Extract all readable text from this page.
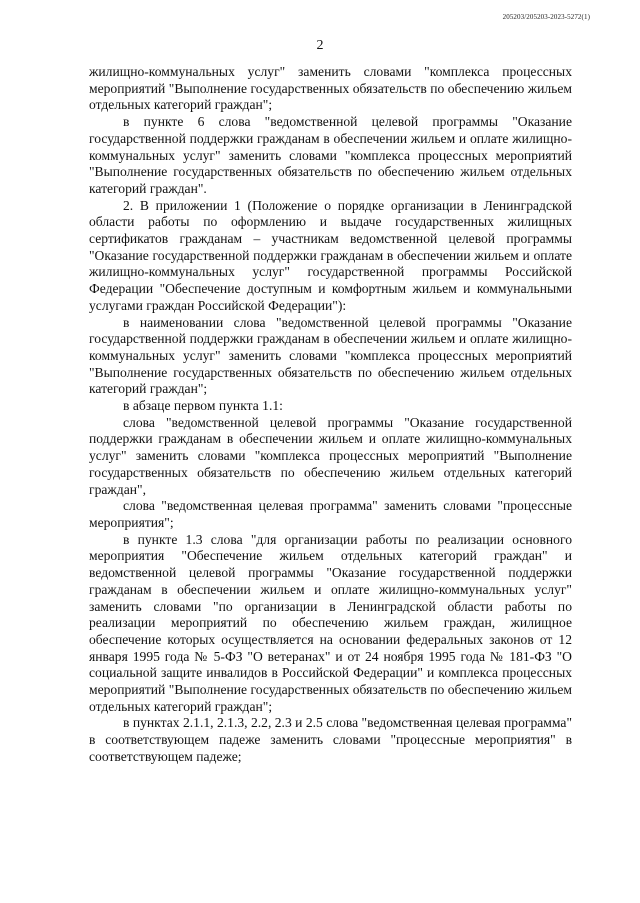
205203/205203-2023-5272(1)
2

жилищно-коммунальных услуг" заменить словами "комплекса процессных мероприятий "Выполнение государственных обязательств по обеспечению жильем отдельных категорий граждан";

в пункте 6 слова "ведомственной целевой программы "Оказание государственной поддержки гражданам в обеспечении жильем и оплате жилищно-коммунальных услуг" заменить словами "комплекса процессных мероприятий "Выполнение государственных обязательств по обеспечению жильем отдельных категорий граждан".

2. В приложении 1 (Положение о порядке организации в Ленинградской области работы по оформлению и выдаче государственных жилищных сертификатов гражданам – участникам ведомственной целевой программы "Оказание государственной поддержки гражданам в обеспечении жильем и оплате жилищно-коммунальных услуг" государственной программы Российской Федерации "Обеспечение доступным и комфортным жильем и коммунальными услугами граждан Российской Федерации"):

в наименовании слова "ведомственной целевой программы "Оказание государственной поддержки гражданам в обеспечении жильем и оплате жилищно-коммунальных услуг" заменить словами "комплекса процессных мероприятий "Выполнение государственных обязательств по обеспечению жильем отдельных категорий граждан";

в абзаце первом пункта 1.1:

слова "ведомственной целевой программы "Оказание государственной поддержки гражданам в обеспечении жильем и оплате жилищно-коммунальных услуг" заменить словами "комплекса процессных мероприятий "Выполнение государственных обязательств по обеспечению жильем отдельных категорий граждан",

слова "ведомственная целевая программа" заменить словами "процессные мероприятия";

в пункте 1.3 слова "для организации работы по реализации основного мероприятия "Обеспечение жильем отдельных категорий граждан" и ведомственной целевой программы "Оказание государственной поддержки гражданам в обеспечении жильем и оплате жилищно-коммунальных услуг" заменить словами "по организации в Ленинградской области работы по реализации мероприятий по обеспечению жильем граждан, жилищное обеспечение которых осуществляется на основании федеральных законов от 12 января 1995 года № 5-ФЗ "О ветеранах" и от 24 ноября 1995 года № 181-ФЗ "О социальной защите инвалидов в Российской Федерации" и комплекса процессных мероприятий "Выполнение государственных обязательств по обеспечению жильем отдельных категорий граждан";

в пунктах 2.1.1, 2.1.3, 2.2, 2.3 и 2.5 слова "ведомственная целевая программа" в соответствующем падеже заменить словами "процессные мероприятия" в соответствующем падеже;
